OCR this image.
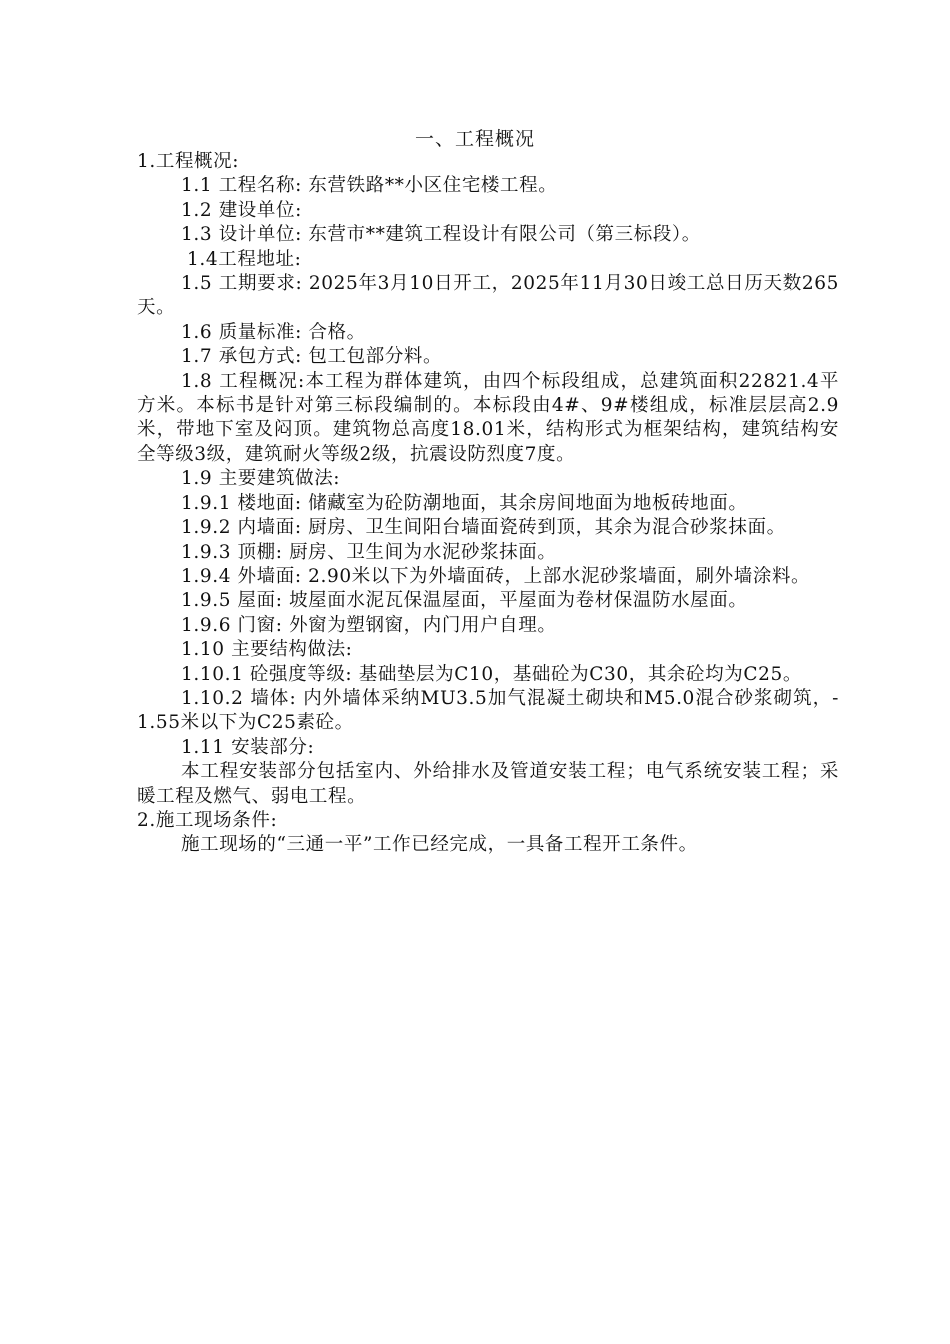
一、工程概况

1.工程概况:

1.1 工程名称: 东营铁路**小区住宅楼工程。

1.2 建设单位:

1.3 设计单位: 东营市**建筑工程设计有限公司（第三标段）。

1.4工程地址:

1.5 工期要求: 2025年3月10日开工，2025年11月30日竣工总日历天数265天。

1.6 质量标准: 合格。

1.7 承包方式: 包工包部分料。

1.8 工程概况:本工程为群体建筑，由四个标段组成，总建筑面积22821.4平方米。本标书是针对第三标段编制的。本标段由4#、9#楼组成，标准层层高2.9米，带地下室及闷顶。建筑物总高度18.01米，结构形式为框架结构，建筑结构安全等级3级，建筑耐火等级2级，抗震设防烈度7度。

1.9 主要建筑做法:

1.9.1 楼地面: 储藏室为砼防潮地面，其余房间地面为地板砖地面。

1.9.2 内墙面: 厨房、卫生间阳台墙面瓷砖到顶，其余为混合砂浆抹面。

1.9.3 顶棚: 厨房、卫生间为水泥砂浆抹面。

1.9.4 外墙面: 2.90米以下为外墙面砖，上部水泥砂浆墙面，刷外墙涂料。

1.9.5 屋面: 坡屋面水泥瓦保温屋面，平屋面为卷材保温防水屋面。

1.9.6 门窗: 外窗为塑钢窗，内门用户自理。

1.10 主要结构做法:

1.10.1 砼强度等级: 基础垫层为C10，基础砼为C30，其余砼均为C25。

1.10.2 墙体: 内外墙体采纳MU3.5加气混凝土砌块和M5.0混合砂浆砌筑，-1.55米以下为C25素砼。

1.11 安装部分:

本工程安装部分包括室内、外给排水及管道安装工程；电气系统安装工程；采暖工程及燃气、弱电工程。

2.施工现场条件:

施工现场的“三通一平”工作已经完成，一具备工程开工条件。
